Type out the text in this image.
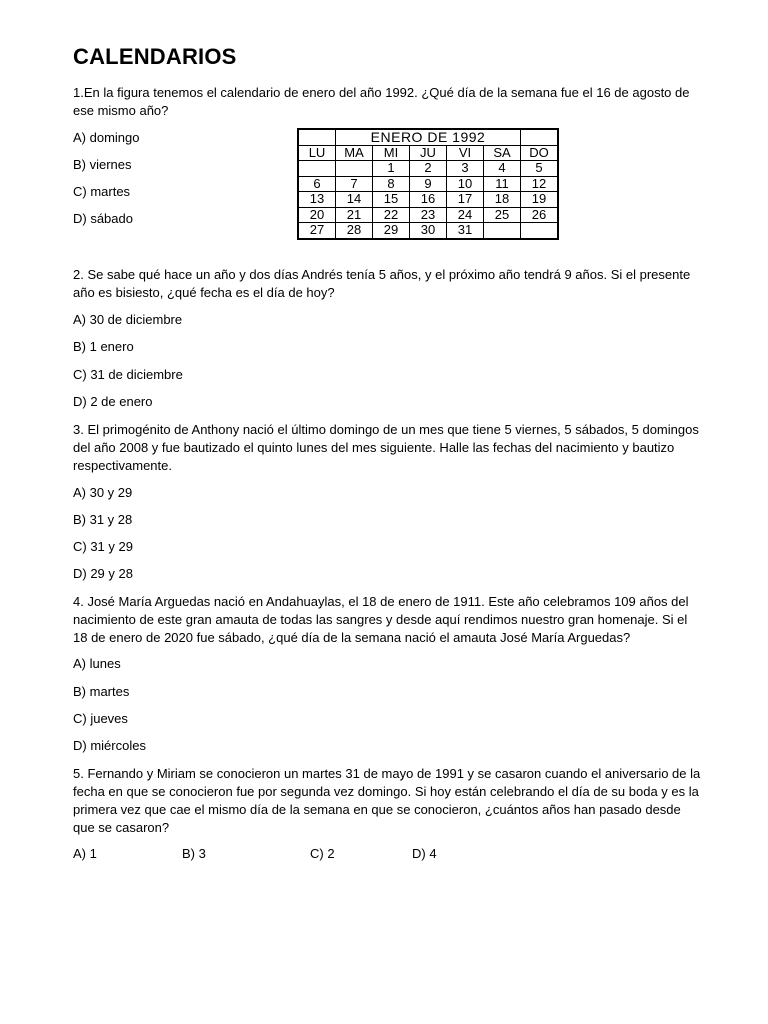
CALENDARIOS

1.En la figura tenemos el calendario de enero del año 1992. ¿Qué día de la semana fue el 16 de agosto de ese mismo año?

A) domingo

B) viernes

C) martes

D) sábado

	ENERO DE 1992					
LU	MA	MI	JU	VI	SA	DO
		1	2	3	4	5
6	7	8	9	10	11	12
13	14	15	16	17	18	19
20	21	22	23	24	25	26
27	28	29	30	31		

2. Se sabe qué hace un año y dos días Andrés tenía 5 años, y el próximo año tendrá 9 años. Si el presente año es bisiesto, ¿qué fecha es el día de hoy?

A) 30 de diciembre

B) 1 enero

C) 31 de diciembre

D) 2 de enero

3. El primogénito de Anthony nació el último domingo de un mes que tiene 5 viernes, 5 sábados, 5 domingos del año 2008 y fue bautizado el quinto lunes del mes siguiente. Halle las fechas del nacimiento y bautizo respectivamente.

A) 30 y 29

B) 31 y 28

C) 31 y 29

D) 29 y 28

4. José María Arguedas nació en Andahuaylas, el 18 de enero de 1911. Este año celebramos 109 años del nacimiento de este gran amauta de todas las sangres y desde aquí rendimos nuestro gran homenaje. Si el 18 de enero de 2020 fue sábado, ¿qué día de la semana nació el amauta José María Arguedas?

A) lunes

B) martes

C) jueves

D) miércoles

5. Fernando y Miriam se conocieron un martes 31 de mayo de 1991 y se casaron cuando el aniversario de la fecha en que se conocieron fue por segunda vez domingo. Si hoy están celebrando el día de su boda y es la primera vez que cae el mismo día de la semana en que se conocieron, ¿cuántos años han pasado desde que se casaron?

A) 1	B) 3	C) 2	D) 4
